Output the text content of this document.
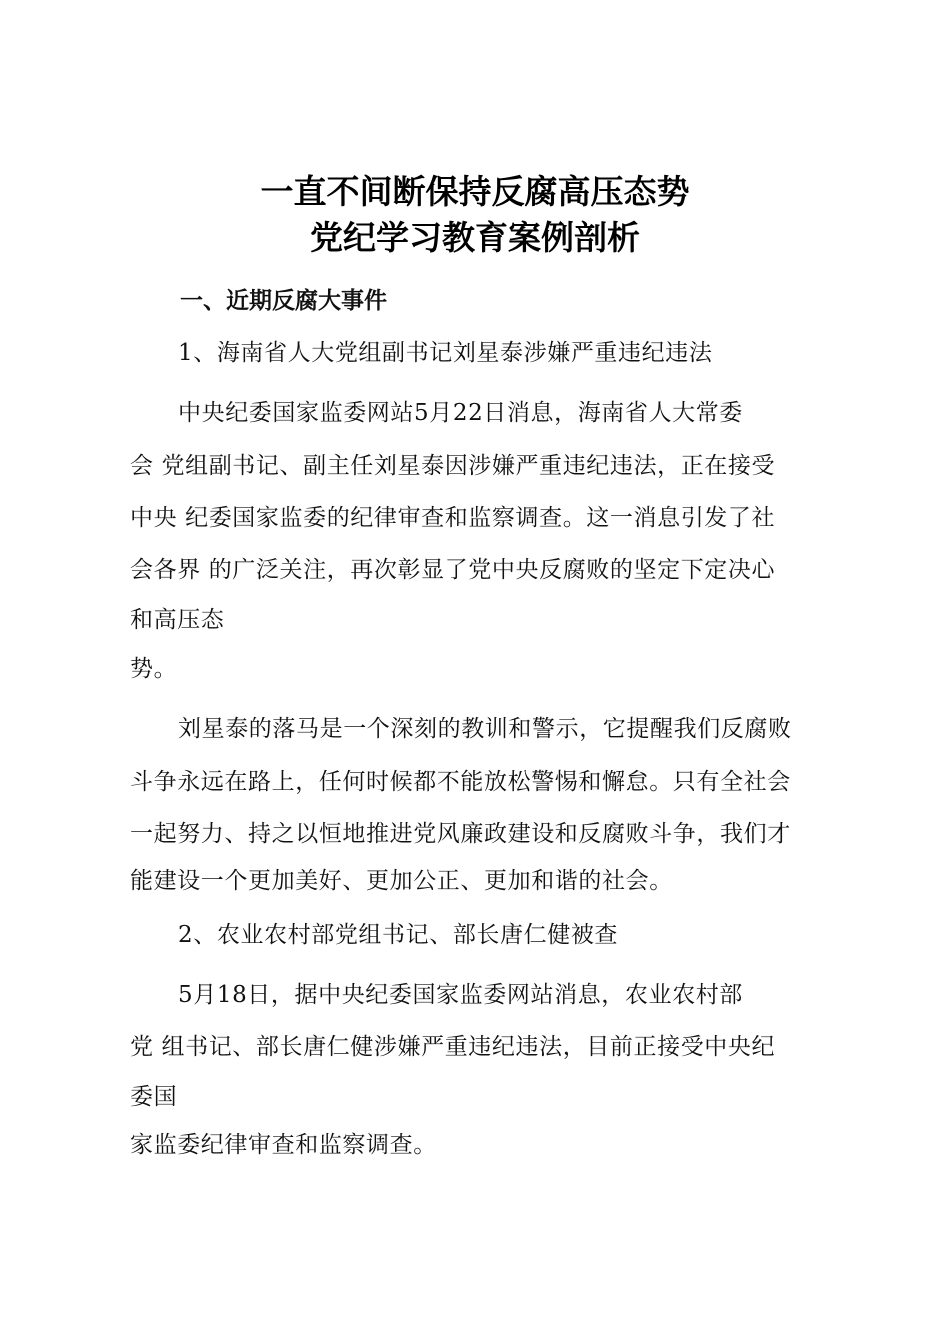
一直不间断保持反腐高压态势
党纪学习教育案例剖析
一、近期反腐大事件
1、海南省人大党组副书记刘星泰涉嫌严重违纪违法
中央纪委国家监委网站5月22日消息，海南省人大常委
会 党组副书记、副主任刘星泰因涉嫌严重违纪违法，正在接受
中央 纪委国家监委的纪律审查和监察调查。这一消息引发了社
会各界 的广泛关注，再次彰显了党中央反腐败的坚定下定决心
和高压态
势。
刘星泰的落马是一个深刻的教训和警示，它提醒我们反腐败
斗争永远在路上，任何时候都不能放松警惕和懈怠。只有全社会
一起努力、持之以恒地推进党风廉政建设和反腐败斗争，我们才
能建设一个更加美好、更加公正、更加和谐的社会。
2、农业农村部党组书记、部长唐仁健被查
5月18日，据中央纪委国家监委网站消息，农业农村部
党 组书记、部长唐仁健涉嫌严重违纪违法，目前正接受中央纪
委国
家监委纪律审查和监察调查。
